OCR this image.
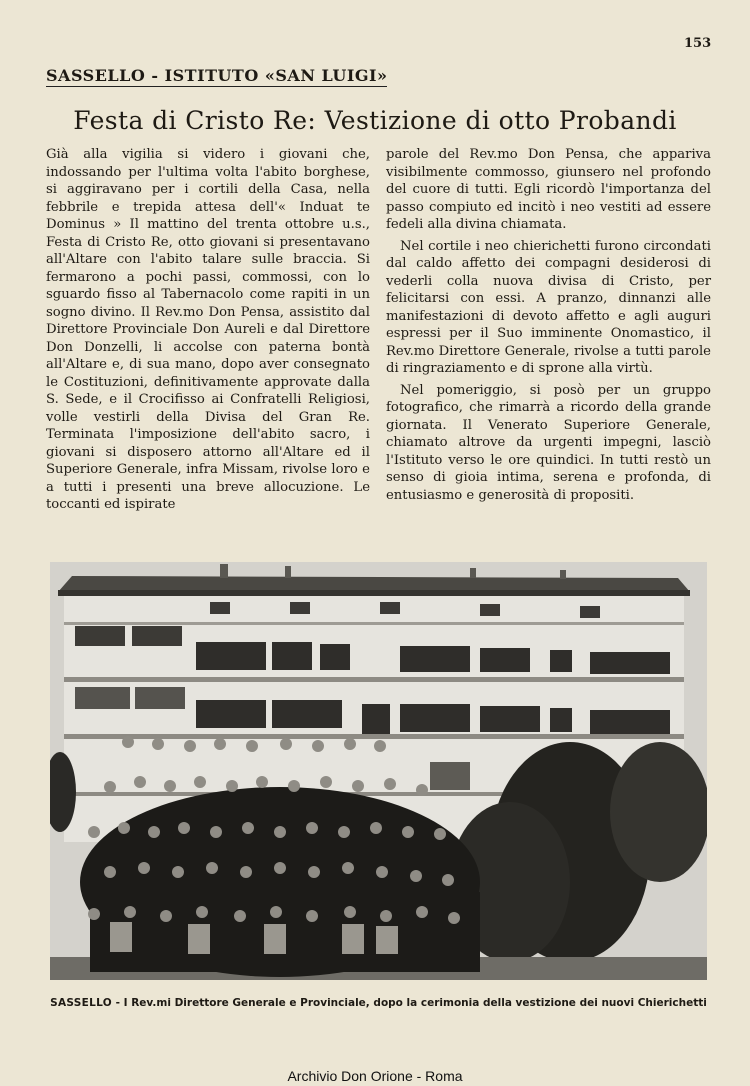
153
SASSELLO - ISTITUTO «SAN LUIGI»
Festa di Cristo Re: Vestizione di otto Probandi

Già alla vigilia si videro i giovani che, indossando per l'ultima volta l'abito borghese, si aggiravano per i cortili della Casa, nella febbrile e trepida attesa dell'« Induat te Dominus » Il mattino del trenta ottobre u.s., Festa di Cristo Re, otto giovani si presentavano all'Altare con l'abito talare sulle braccia. Si fermarono a pochi passi, commossi, con lo sguardo fisso al Tabernacolo come rapiti in un sogno divino. Il Rev.mo Don Pensa, assistito dal Direttore Provinciale Don Aureli e dal Direttore Don Donzelli, li accolse con paterna bontà all'Altare e, di sua mano, dopo aver consegnato le Costituzioni, definitivamente approvate dalla S. Sede, e il Crocifisso ai Confratelli Religiosi, volle vestirli della Divisa del Gran Re. Terminata l'imposizione dell'abito sacro, i giovani si disposero attorno all'Altare ed il Superiore Generale, infra Missam, rivolse loro e a tutti i presenti una breve allocuzione. Le toccanti ed ispirate

parole del Rev.mo Don Pensa, che appariva visibilmente commosso, giunsero nel profondo del cuore di tutti. Egli ricordò l'importanza del passo compiuto ed incitò i neo vestiti ad essere fedeli alla divina chiamata.

Nel cortile i neo chierichetti furono circondati dal caldo affetto dei compagni desiderosi di vederli colla nuova divisa di Cristo, per felicitarsi con essi. A pranzo, dinnanzi alle manifestazioni di devoto affetto e agli auguri espressi per il Suo imminente Onomastico, il Rev.mo Direttore Generale, rivolse a tutti parole di ringraziamento e di sprone alla virtù.

Nel pomeriggio, si posò per un gruppo fotografico, che rimarrà a ricordo della grande giornata. Il Venerato Superiore Generale, chiamato altrove da urgenti impegni, lasciò l'Istituto verso le ore quindici. In tutti restò un senso di gioia intima, serena e profonda, di entusiasmo e generosità di propositi.

SASSELLO - I Rev.mi Direttore Generale e Provinciale, dopo la cerimonia della vestizione dei nuovi Chierichetti
Archivio Don Orione - Roma
